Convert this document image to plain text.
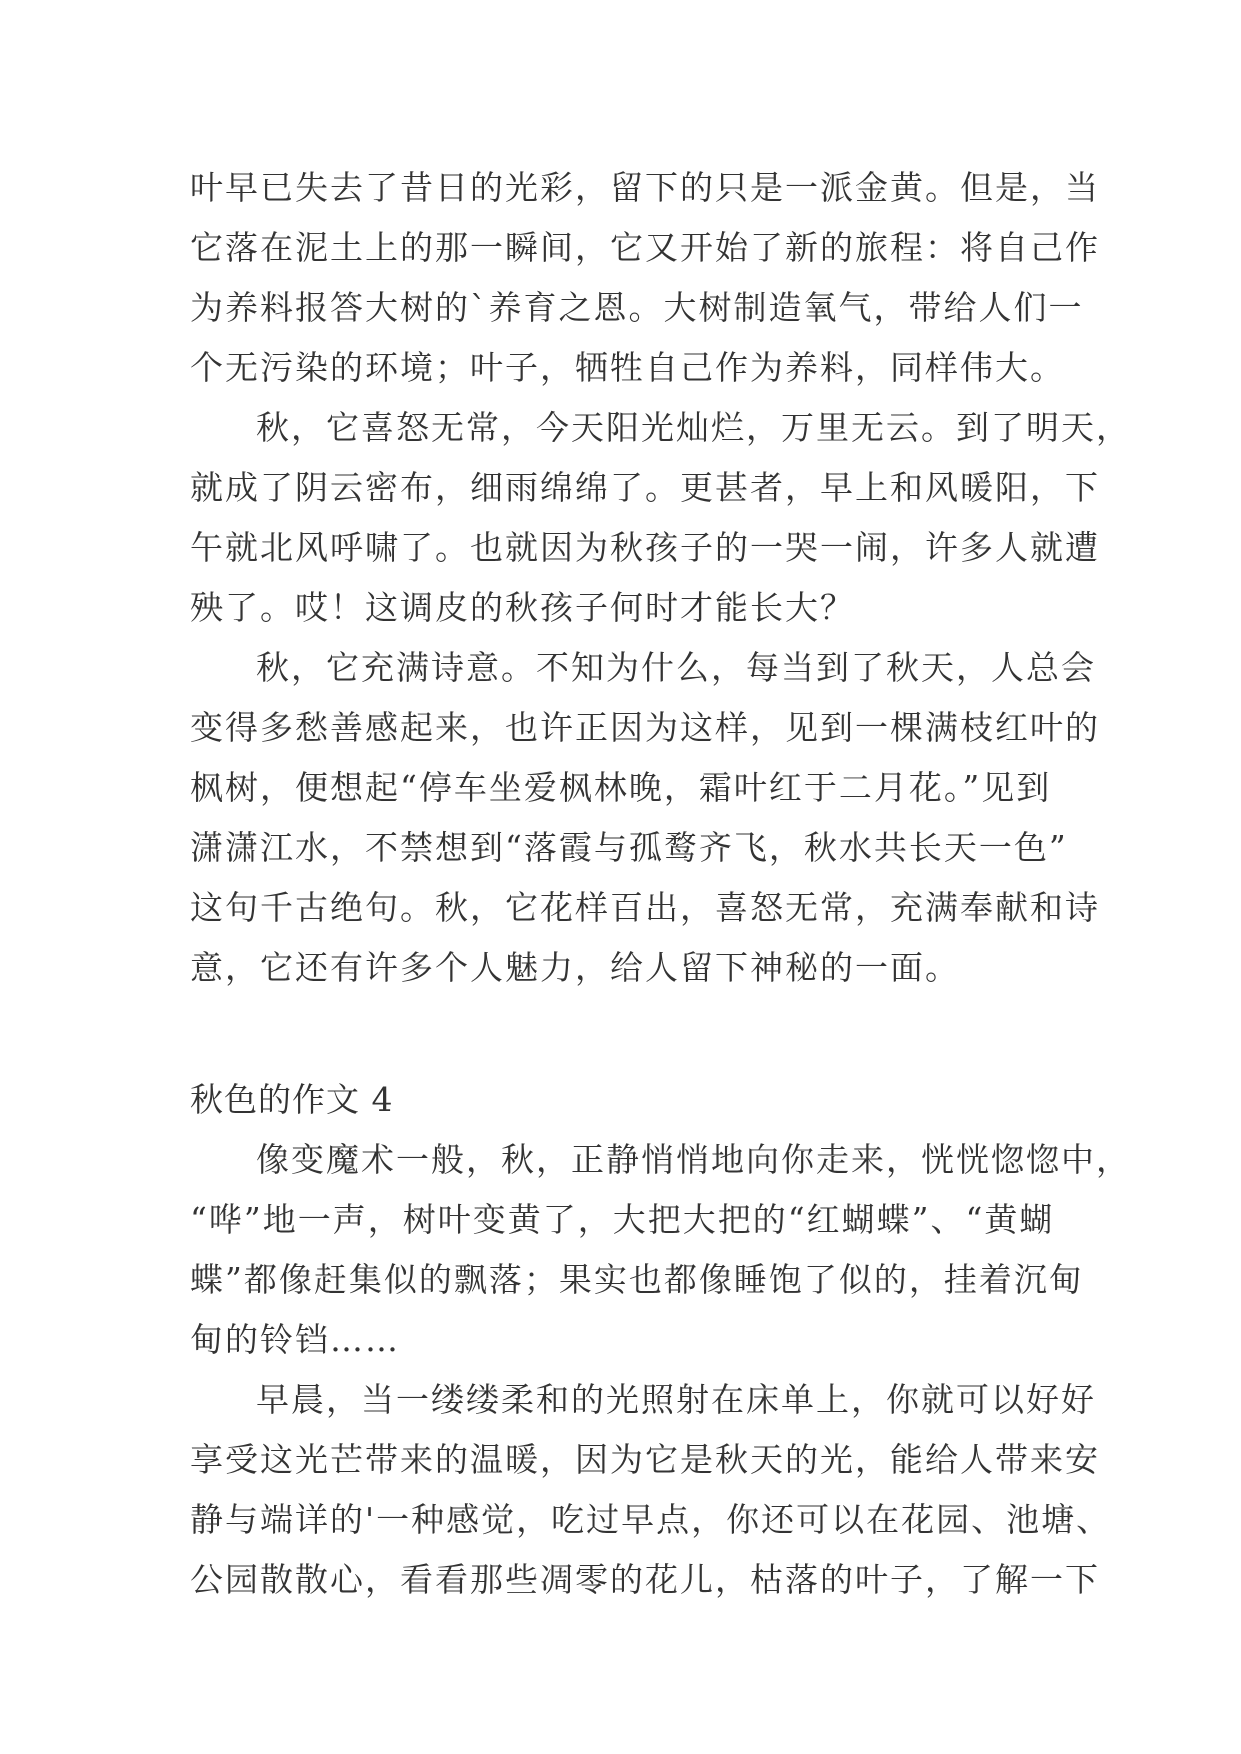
叶早已失去了昔日的光彩，留下的只是一派金黄。但是，当
它落在泥土上的那一瞬间，它又开始了新的旅程：将自己作
为养料报答大树的`养育之恩。大树制造氧气，带给人们一
个无污染的环境；叶子，牺牲自己作为养料，同样伟大。
秋，它喜怒无常，今天阳光灿烂，万里无云。到了明天，
就成了阴云密布，细雨绵绵了。更甚者，早上和风暖阳，下
午就北风呼啸了。也就因为秋孩子的一哭一闹，许多人就遭
殃了。哎！这调皮的秋孩子何时才能长大？
秋，它充满诗意。不知为什么，每当到了秋天，人总会
变得多愁善感起来，也许正因为这样，见到一棵满枝红叶的
枫树，便想起“停车坐爱枫林晚，霜叶红于二月花。”见到
潇潇江水，不禁想到“落霞与孤鹜齐飞，秋水共长天一色”
这句千古绝句。秋，它花样百出，喜怒无常，充满奉献和诗
意，它还有许多个人魅力，给人留下神秘的一面。
秋色的作文 4
像变魔术一般，秋，正静悄悄地向你走来，恍恍惚惚中，
“哗”地一声，树叶变黄了，大把大把的“红蝴蝶”、“黄蝴
蝶”都像赶集似的飘落；果实也都像睡饱了似的，挂着沉甸
甸的铃铛……
早晨，当一缕缕柔和的光照射在床单上，你就可以好好
享受这光芒带来的温暖，因为它是秋天的光，能给人带来安
静与端详的'一种感觉，吃过早点，你还可以在花园、池塘、
公园散散心，看看那些凋零的花儿，枯落的叶子，了解一下
